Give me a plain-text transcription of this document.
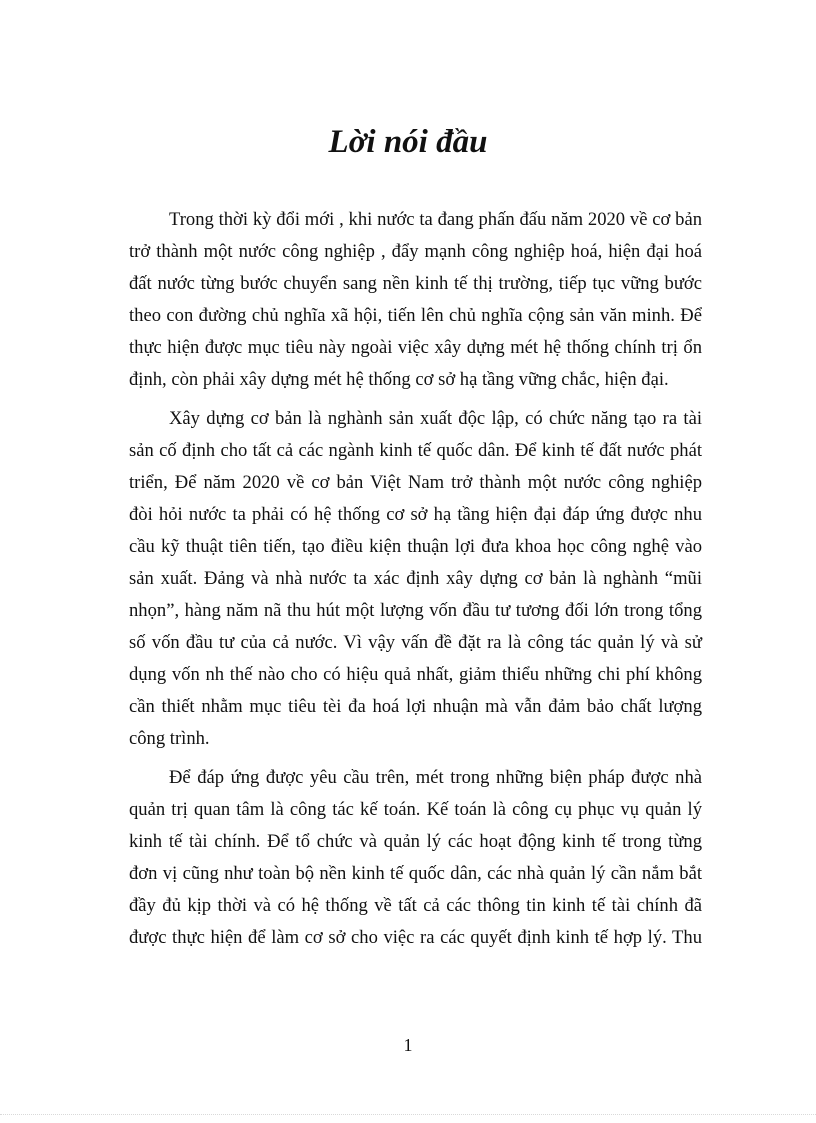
Lời nói đầu

Trong thời kỳ đổi mới , khi nước ta đang phấn đấu năm 2020 về cơ bản

trở thành một nước công nghiệp , đẩy mạnh công nghiệp hoá, hiện đại hoá

đất nước từng bước chuyển sang nền kinh tế thị trường, tiếp tục vững bước

theo con đường chủ nghĩa xã hội, tiến lên chủ nghĩa cộng sản văn minh. Để

thực hiện được mục tiêu này ngoài việc xây dựng mét hệ thống chính trị ổn

định, còn phải xây dựng mét hệ thống cơ sở hạ tầng vững chắc, hiện đại.

Xây dựng cơ bản là nghành sản xuất độc lập, có chức năng tạo ra tài

sản cố định cho tất cả các ngành kinh tế quốc dân. Để kinh tế đất nước phát

triển, Để năm 2020 về cơ bản Việt Nam trở thành một nước công nghiệp

đòi hỏi nước ta phải có hệ thống cơ sở hạ tầng hiện đại đáp ứng được nhu

cầu kỹ thuật tiên tiến, tạo điều kiện thuận lợi đưa khoa học công nghệ vào

sản xuất. Đảng và nhà nước ta xác định xây dựng cơ bản là nghành “mũi

nhọn”, hàng năm nã thu hút một lượng vốn đầu tư tương đối lớn trong tổng

số vốn đầu tư của cả nước. Vì vậy vấn đề đặt ra là công tác quản lý và sử

dụng vốn nh thế nào cho có hiệu quả nhất, giảm thiểu những chi phí không

cần thiết nhằm mục tiêu tèi đa hoá lợi nhuận mà vẫn đảm bảo chất lượng

công trình.

Để đáp ứng được yêu cầu trên, mét trong những biện pháp được nhà

quản trị quan tâm là công tác kế toán. Kế toán là công cụ phục vụ quản lý

kinh tế tài chính. Để tổ chức và quản lý các hoạt động kinh tế trong từng

đơn vị cũng như toàn bộ nền kinh tế quốc dân, các nhà quản lý cần nắm bắt

đầy đủ kịp thời và có hệ thống về tất cả các thông tin kinh tế tài chính đã

được thực hiện để làm cơ sở cho việc ra các quyết định kinh tế hợp lý. Thu

1
